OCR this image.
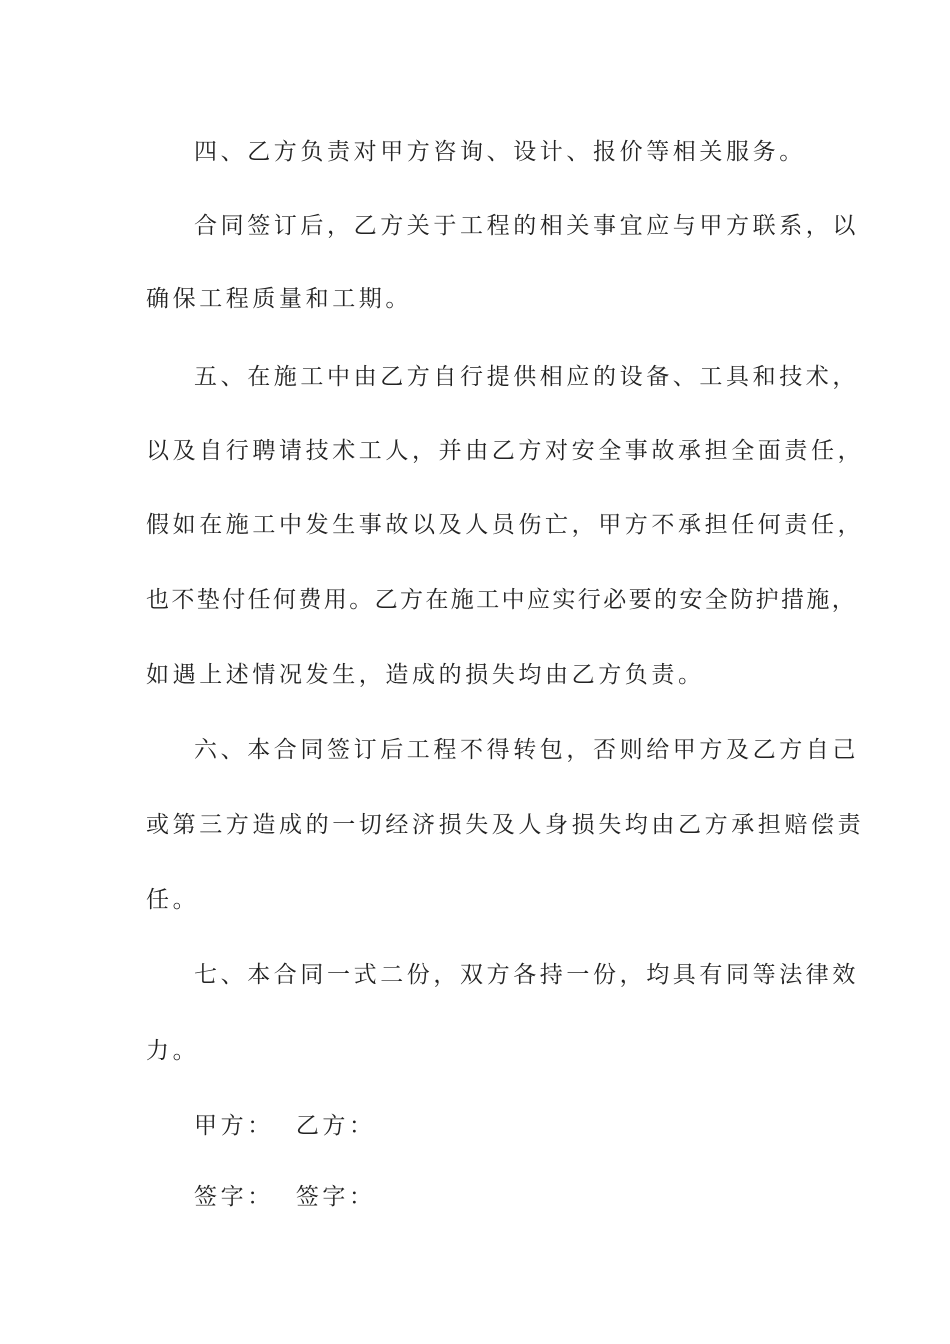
四、乙方负责对甲方咨询、设计、报价等相关服务。
合同签订后，乙方关于工程的相关事宜应与甲方联系，以
确保工程质量和工期。
五、在施工中由乙方自行提供相应的设备、工具和技术，
以及自行聘请技术工人，并由乙方对安全事故承担全面责任，
假如在施工中发生事故以及人员伤亡，甲方不承担任何责任，
也不垫付任何费用。乙方在施工中应实行必要的安全防护措施，
如遇上述情况发生，造成的损失均由乙方负责。
六、本合同签订后工程不得转包，否则给甲方及乙方自己
或第三方造成的一切经济损失及人身损失均由乙方承担赔偿责
任。
七、本合同一式二份，双方各持一份，均具有同等法律效
力。
甲方： 乙方：
签字： 签字：
